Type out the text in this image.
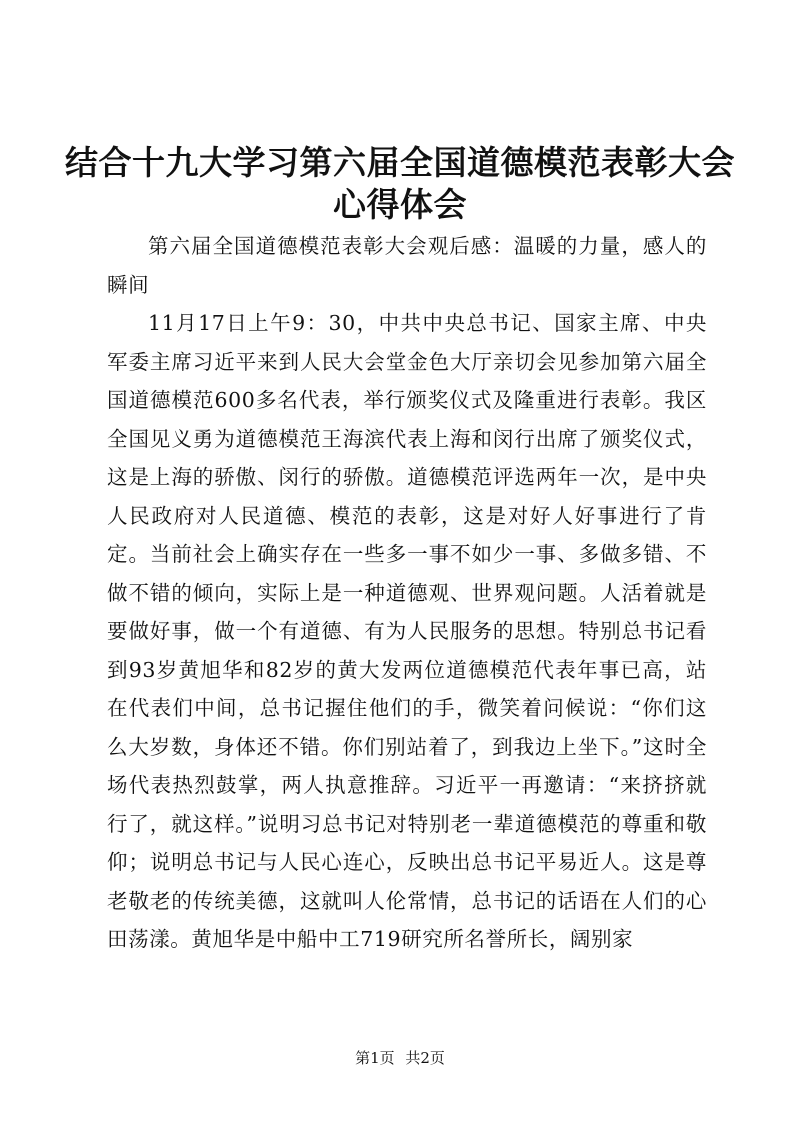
结合十九大学习第六届全国道德模范表彰大会
心得体会

第六届全国道德模范表彰大会观后感：温暖的力量，感人的瞬间

11月17日上午9：30，中共中央总书记、国家主席、中央军委主席习近平来到人民大会堂金色大厅亲切会见参加第六届全国道德模范600多名代表，举行颁奖仪式及隆重进行表彰。我区全国见义勇为道德模范王海滨代表上海和闵行出席了颁奖仪式，这是上海的骄傲、闵行的骄傲。道德模范评选两年一次，是中央人民政府对人民道德、模范的表彰，这是对好人好事进行了肯定。当前社会上确实存在一些多一事不如少一事、多做多错、不做不错的倾向，实际上是一种道德观、世界观问题。人活着就是要做好事，做一个有道德、有为人民服务的思想。特别总书记看到93岁黄旭华和82岁的黄大发两位道德模范代表年事已高，站在代表们中间，总书记握住他们的手，微笑着问候说：“你们这么大岁数，身体还不错。你们别站着了，到我边上坐下。”这时全场代表热烈鼓掌，两人执意推辞。习近平一再邀请：“来挤挤就行了，就这样。”说明习总书记对特别老一辈道德模范的尊重和敬仰；说明总书记与人民心连心，反映出总书记平易近人。这是尊老敬老的传统美德，这就叫人伦常情，总书记的话语在人们的心田荡漾。黄旭华是中船中工719研究所名誉所长，阔别家

第1页 共2页
